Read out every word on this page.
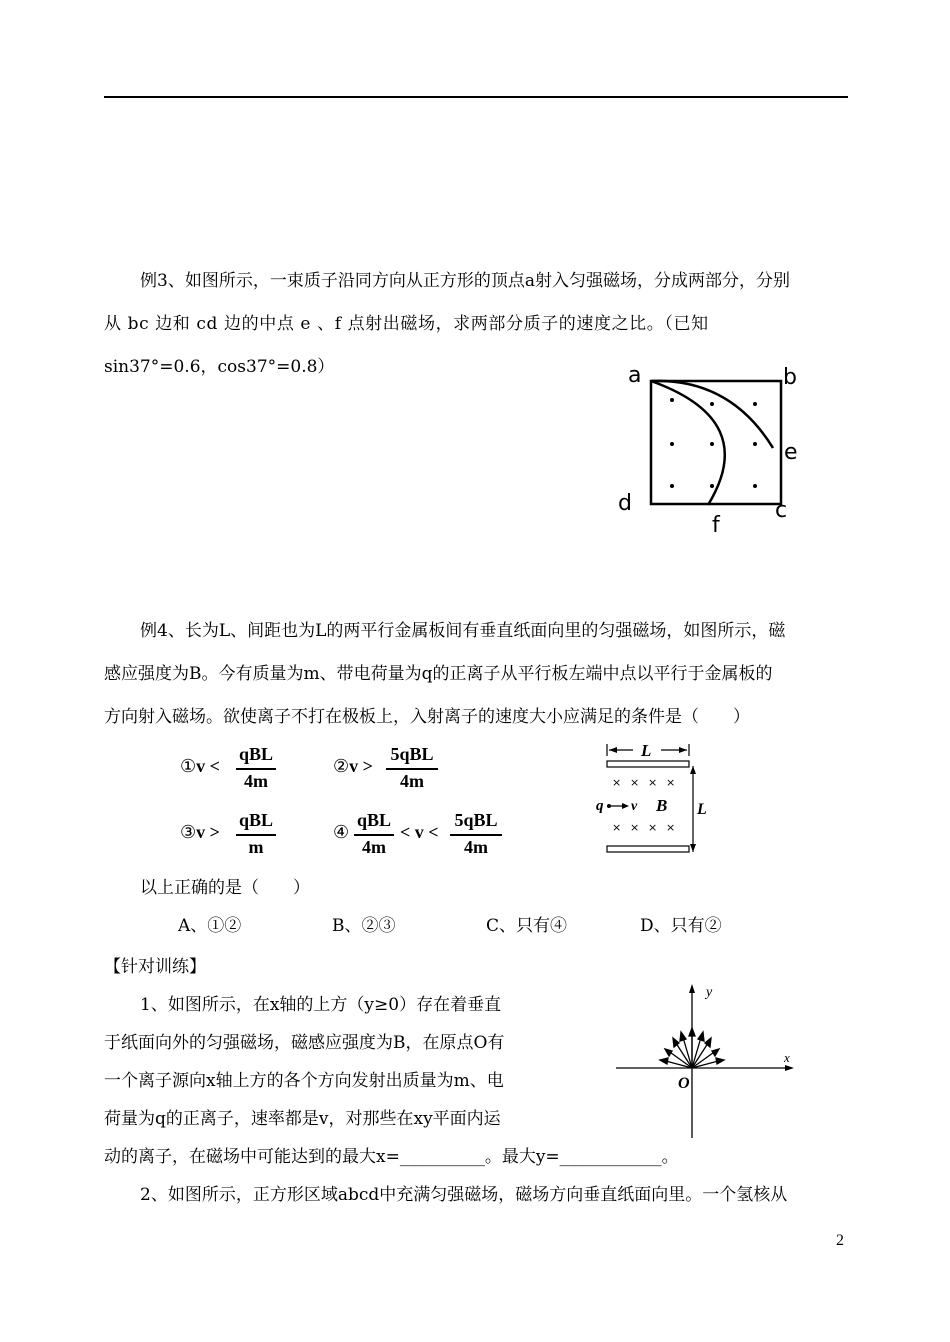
例3、如图所示，一束质子沿同方向从正方形的顶点a射入匀强磁场，分成两部分，分别
从 bc 边和 cd 边的中点 e 、f 点射出磁场，求两部分质子的速度之比。（已知
sin37°=0.6，cos37°=0.8）	a	b
e
d	c
f
例4、长为L、间距也为L的两平行金属板间有垂直纸面向里的匀强磁场，如图所示，磁
感应强度为B。今有质量为m、带电荷量为q的正离子从平行板左端中点以平行于金属板的
方向射入磁场。欲使离子不打在极板上，入射离子的速度大小应满足的条件是（　　）
①v <
qBL
4m
②v >
5qBL
4m
③v >
qBL
m
④
qBL
4m
< v <
5qBL
4m
L
L
× × × ×
× × × ×
q v B
以上正确的是（　　）
A、①②	B、②③	C、只有④	D、只有②
【针对训练】
1、如图所示，在x轴的上方（y≥0）存在着垂直
于纸面向外的匀强磁场，磁感应强度为B，在原点O有
一个离子源向x轴上方的各个方向发射出质量为m、电
荷量为q的正离子，速率都是v，对那些在xy平面内运
动的离子，在磁场中可能达到的最大x=__________。最大y=____________。
2、如图所示，正方形区域abcd中充满匀强磁场，磁场方向垂直纸面向里。一个氢核从
y
x
O
2
